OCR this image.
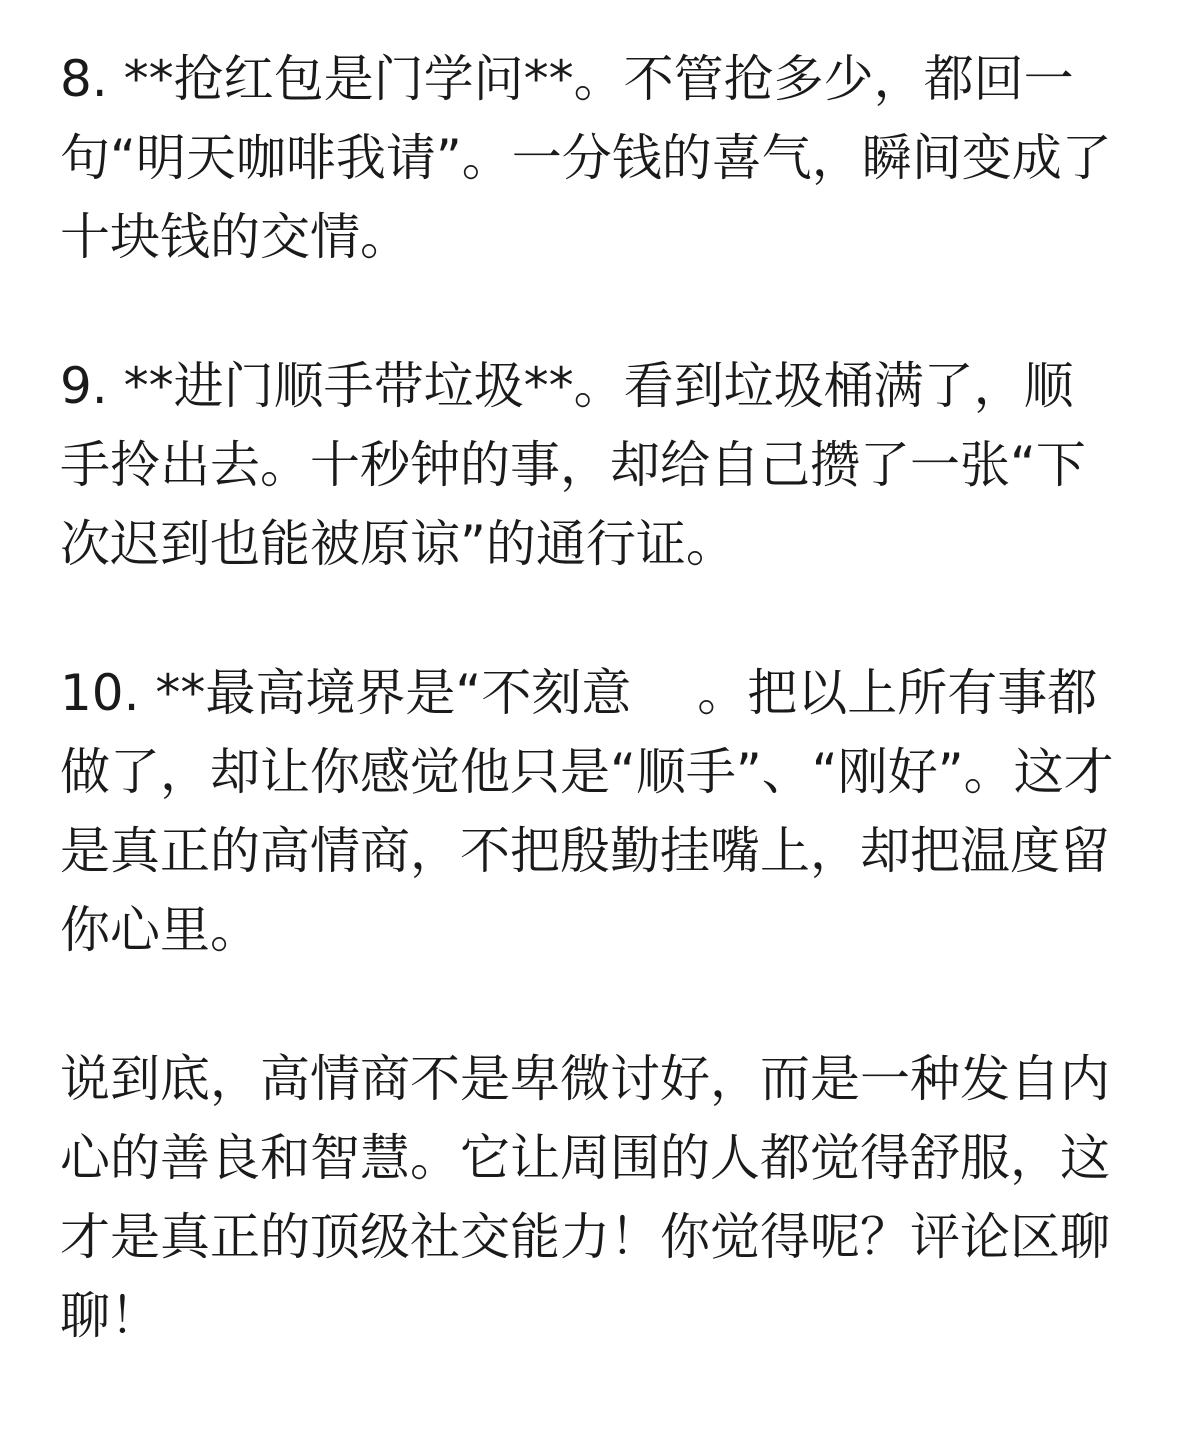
8. **抢红包是门学问**。不管抢多少，都回一句“明天咖啡我请”。一分钱的喜气，瞬间变成了十块钱的交情。

9. **进门顺手带垃圾**。看到垃圾桶满了，顺手拎出去。十秒钟的事，却给自己攒了一张“下次迟到也能被原谅”的通行证。

10. **最高境界是“不刻意　 。把以上所有事都做了，却让你感觉他只是“顺手”、“刚好”。这才是真正的高情商，不把殷勤挂嘴上，却把温度留你心里。

说到底，高情商不是卑微讨好，而是一种发自内心的善良和智慧。它让周围的人都觉得舒服，这才是真正的顶级社交能力！你觉得呢？评论区聊聊！
